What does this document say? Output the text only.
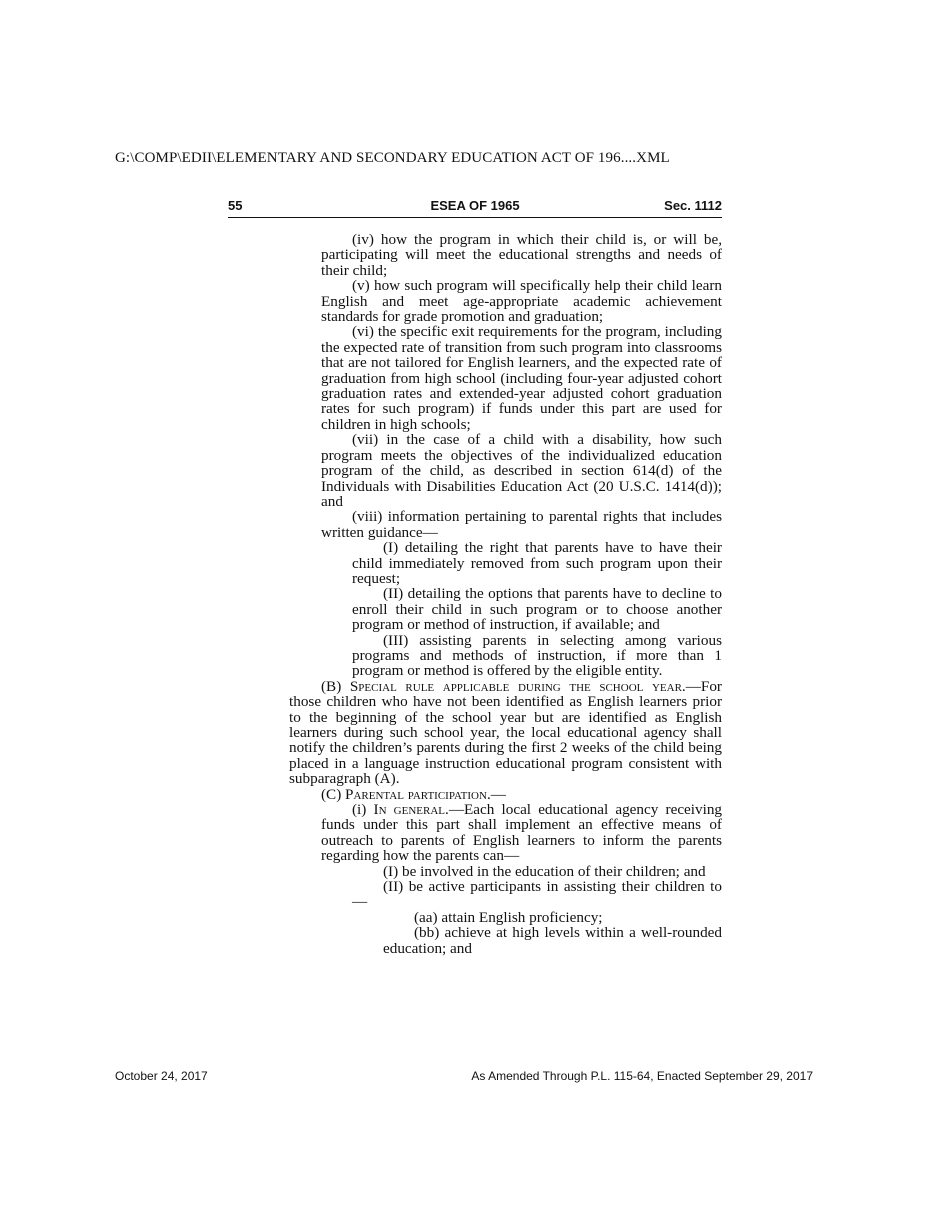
G:\COMP\EDII\ELEMENTARY AND SECONDARY EDUCATION ACT OF 196....XML
55	ESEA OF 1965	Sec. 1112
(iv) how the program in which their child is, or will be, participating will meet the educational strengths and needs of their child;
(v) how such program will specifically help their child learn English and meet age-appropriate academic achievement standards for grade promotion and graduation;
(vi) the specific exit requirements for the program, including the expected rate of transition from such program into classrooms that are not tailored for English learners, and the expected rate of graduation from high school (including four-year adjusted cohort graduation rates and extended-year adjusted cohort graduation rates for such program) if funds under this part are used for children in high schools;
(vii) in the case of a child with a disability, how such program meets the objectives of the individualized education program of the child, as described in section 614(d) of the Individuals with Disabilities Education Act (20 U.S.C. 1414(d)); and
(viii) information pertaining to parental rights that includes written guidance—
(I) detailing the right that parents have to have their child immediately removed from such program upon their request;
(II) detailing the options that parents have to decline to enroll their child in such program or to choose another program or method of instruction, if available; and
(III) assisting parents in selecting among various programs and methods of instruction, if more than 1 program or method is offered by the eligible entity.
(B) Special rule applicable during the school year.—For those children who have not been identified as English learners prior to the beginning of the school year but are identified as English learners during such school year, the local educational agency shall notify the children’s parents during the first 2 weeks of the child being placed in a language instruction educational program consistent with subparagraph (A).
(C) Parental participation.—
(i) In general.—Each local educational agency receiving funds under this part shall implement an effective means of outreach to parents of English learners to inform the parents regarding how the parents can—
(I) be involved in the education of their children; and
(II) be active participants in assisting their children to—
(aa) attain English proficiency;
(bb) achieve at high levels within a well-rounded education; and
October 24, 2017	As Amended Through P.L. 115-64, Enacted September 29, 2017
